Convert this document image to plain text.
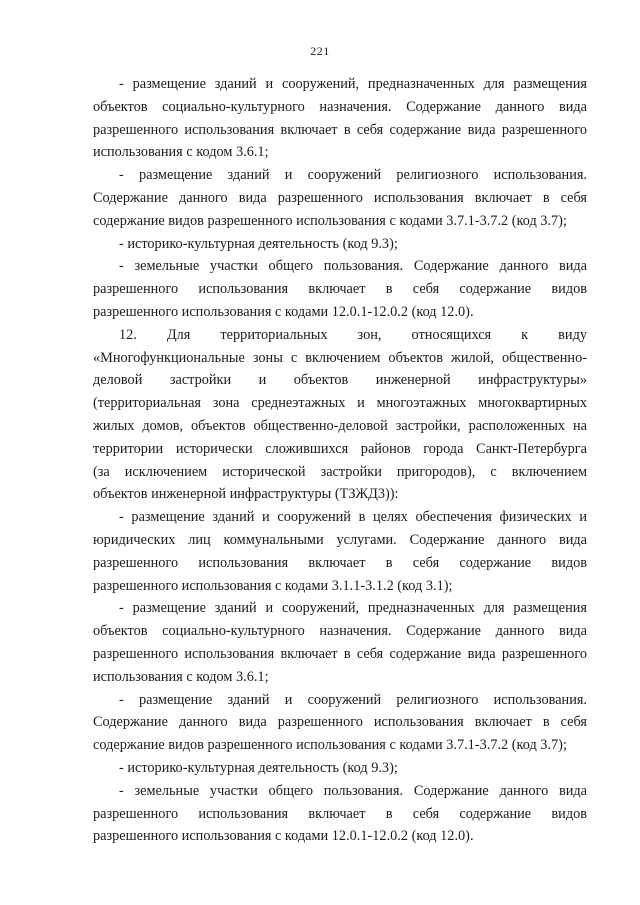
221
- размещение зданий и сооружений, предназначенных для размещения
объектов социально-культурного назначения. Содержание данного вида
разрешенного использования включает в себя содержание вида разрешенного
использования с кодом 3.6.1;
- размещение зданий и сооружений религиозного использования.
Содержание данного вида разрешенного использования включает в себя
содержание видов разрешенного использования с кодами 3.7.1-3.7.2 (код 3.7);
- историко-культурная деятельность (код 9.3);
- земельные участки общего пользования. Содержание данного вида
разрешенного использования включает в себя содержание видов
разрешенного использования с кодами 12.0.1-12.0.2 (код 12.0).
12. Для территориальных зон, относящихся к виду
«Многофункциональные зоны с включением объектов жилой, общественно-
деловой застройки и объектов инженерной инфраструктуры»
(территориальная зона среднеэтажных и многоэтажных многоквартирных
жилых домов, объектов общественно-деловой застройки, расположенных на
территории исторически сложившихся районов города Санкт-Петербурга
(за исключением исторической застройки пригородов), с включением
объектов инженерной инфраструктуры (ТЗЖД3)):
- размещение зданий и сооружений в целях обеспечения физических и
юридических лиц коммунальными услугами. Содержание данного вида
разрешенного использования включает в себя содержание видов
разрешенного использования с кодами 3.1.1-3.1.2 (код 3.1);
- размещение зданий и сооружений, предназначенных для размещения
объектов социально-культурного назначения. Содержание данного вида
разрешенного использования включает в себя содержание вида разрешенного
использования с кодом 3.6.1;
- размещение зданий и сооружений религиозного использования.
Содержание данного вида разрешенного использования включает в себя
содержание видов разрешенного использования с кодами 3.7.1-3.7.2 (код 3.7);
- историко-культурная деятельность (код 9.3);
- земельные участки общего пользования. Содержание данного вида
разрешенного использования включает в себя содержание видов
разрешенного использования с кодами 12.0.1-12.0.2 (код 12.0).
